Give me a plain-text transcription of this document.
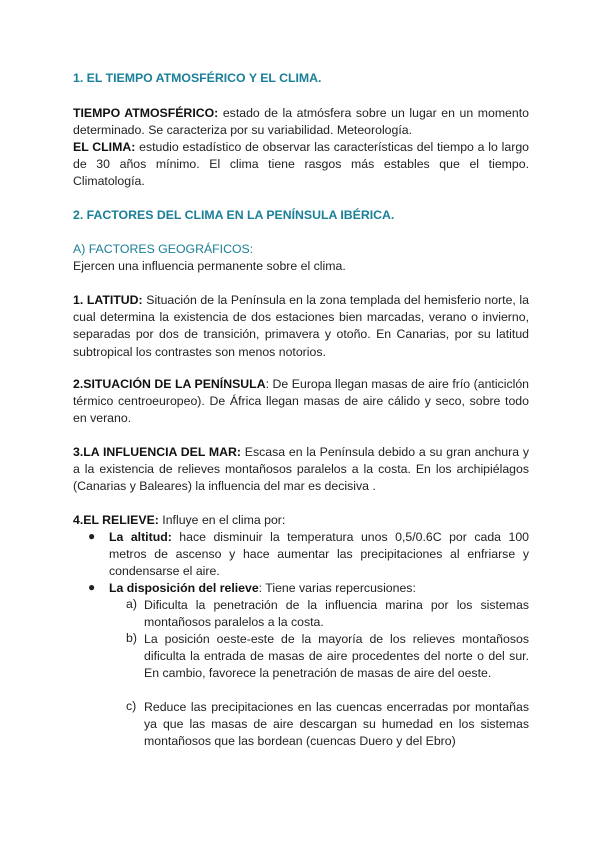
1. EL TIEMPO ATMOSFÉRICO Y EL CLIMA.
TIEMPO ATMOSFÉRICO: estado de la atmósfera sobre un lugar en un momento determinado. Se caracteriza por su variabilidad. Meteorología.
EL CLIMA: estudio estadístico de observar las características del tiempo a lo largo de 30 años mínimo. El clima tiene rasgos más estables que el tiempo. Climatología.
2. FACTORES DEL CLIMA EN LA PENÍNSULA IBÉRICA.
A) FACTORES GEOGRÁFICOS:
Ejercen una influencia permanente sobre el clima.
1. LATITUD: Situación de la Península en la zona templada del hemisferio norte, la cual determina la existencia de dos estaciones bien marcadas, verano o invierno, separadas por dos de transición, primavera y otoño. En Canarias, por su latitud subtropical los contrastes son menos notorios.
2.SITUACIÓN DE LA PENÍNSULA: De Europa llegan masas de aire frío (anticiclón térmico centroeuropeo). De África llegan masas de aire cálido y seco, sobre todo en verano.
3.LA INFLUENCIA DEL MAR: Escasa en la Península debido a su gran anchura y a la existencia de relieves montañosos paralelos a la costa. En los archipiélagos (Canarias y Baleares) la influencia del mar es decisiva .
4.EL RELIEVE: Influye en el clima por:
● La altitud: hace disminuir la temperatura unos 0,5/0.6C por cada 100 metros de ascenso y hace aumentar las precipitaciones al enfriarse y condensarse el aire.
● La disposición del relieve: Tiene varias repercusiones:
a) Dificulta la penetración de la influencia marina por los sistemas montañosos paralelos a la costa.
b) La posición oeste-este de la mayoría de los relieves montañosos dificulta la entrada de masas de aire procedentes del norte o del sur. En cambio, favorece la penetración de masas de aire del oeste.
c) Reduce las precipitaciones en las cuencas encerradas por montañas ya que las masas de aire descargan su humedad en los sistemas montañosos que las bordean (cuencas Duero y del Ebro)
